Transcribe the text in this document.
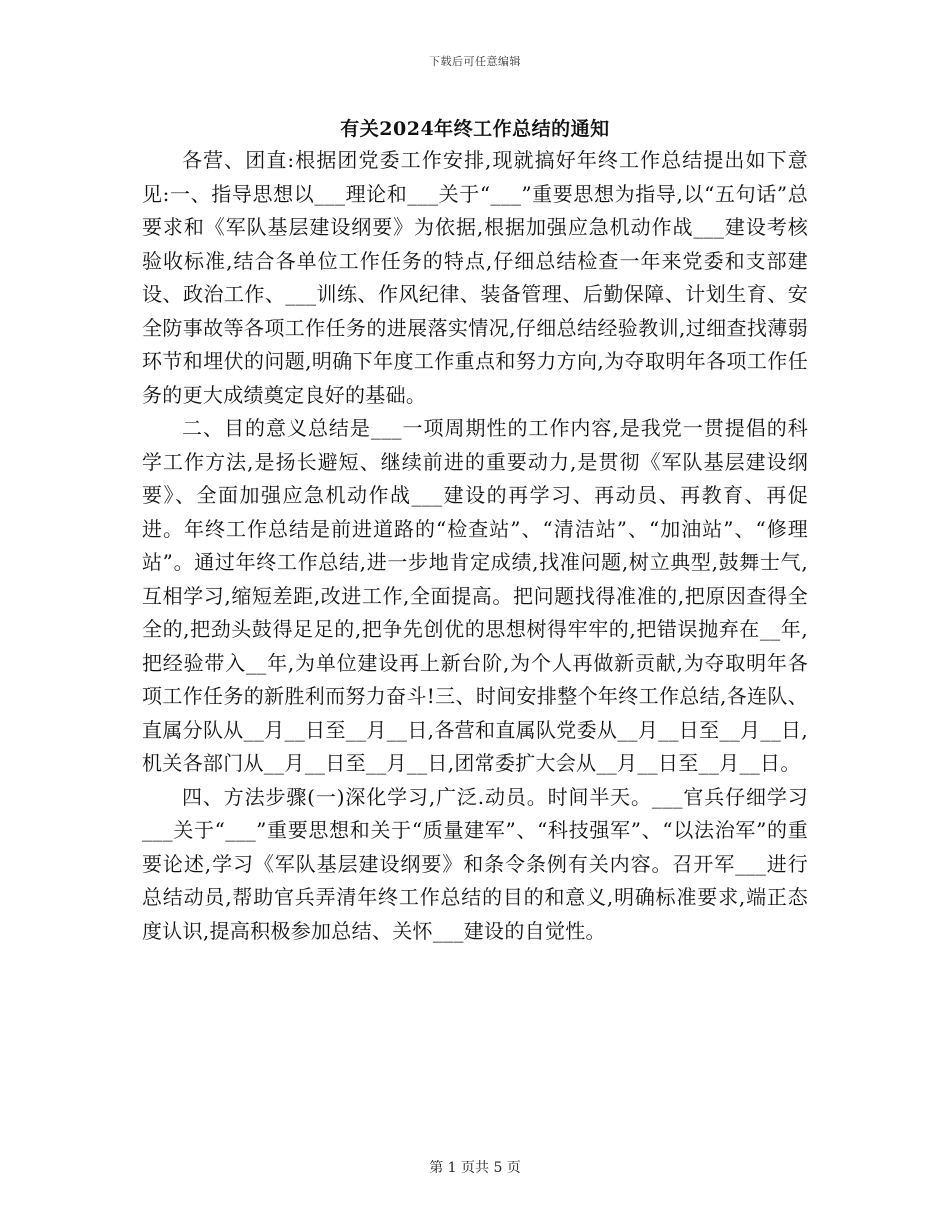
下载后可任意编辑
有关2024年终工作总结的通知

各营、团直:根据团党委工作安排,现就搞好年终工作总结提出如下意见:一、指导思想以___理论和___关于“___”重要思想为指导,以“五句话”总要求和《军队基层建设纲要》为依据,根据加强应急机动作战___建设考核验收标准,结合各单位工作任务的特点,仔细总结检查一年来党委和支部建设、政治工作、___训练、作风纪律、装备管理、后勤保障、计划生育、安全防事故等各项工作任务的进展落实情况,仔细总结经验教训,过细查找薄弱环节和埋伏的问题,明确下年度工作重点和努力方向,为夺取明年各项工作任务的更大成绩奠定良好的基础。

二、目的意义总结是___一项周期性的工作内容,是我党一贯提倡的科学工作方法,是扬长避短、继续前进的重要动力,是贯彻《军队基层建设纲要》、全面加强应急机动作战___建设的再学习、再动员、再教育、再促进。年终工作总结是前进道路的“检查站”、“清洁站”、“加油站”、“修理站”。通过年终工作总结,进一步地肯定成绩,找准问题,树立典型,鼓舞士气,互相学习,缩短差距,改进工作,全面提高。把问题找得准准的,把原因查得全全的,把劲头鼓得足足的,把争先创优的思想树得牢牢的,把错误抛弃在__年,把经验带入__年,为单位建设再上新台阶,为个人再做新贡献,为夺取明年各项工作任务的新胜利而努力奋斗!三、时间安排整个年终工作总结,各连队、直属分队从__月__日至__月__日,各营和直属队党委从__月__日至__月__日,机关各部门从__月__日至__月__日,团常委扩大会从__月__日至__月__日。

四、方法步骤(一)深化学习,广泛.动员。时间半天。___官兵仔细学习___关于“___”重要思想和关于“质量建军”、“科技强军”、“以法治军”的重要论述,学习《军队基层建设纲要》和条令条例有关内容。召开军___进行总结动员,帮助官兵弄清年终工作总结的目的和意义,明确标准要求,端正态度认识,提高积极参加总结、关怀___建设的自觉性。

第 1 页共 5 页
